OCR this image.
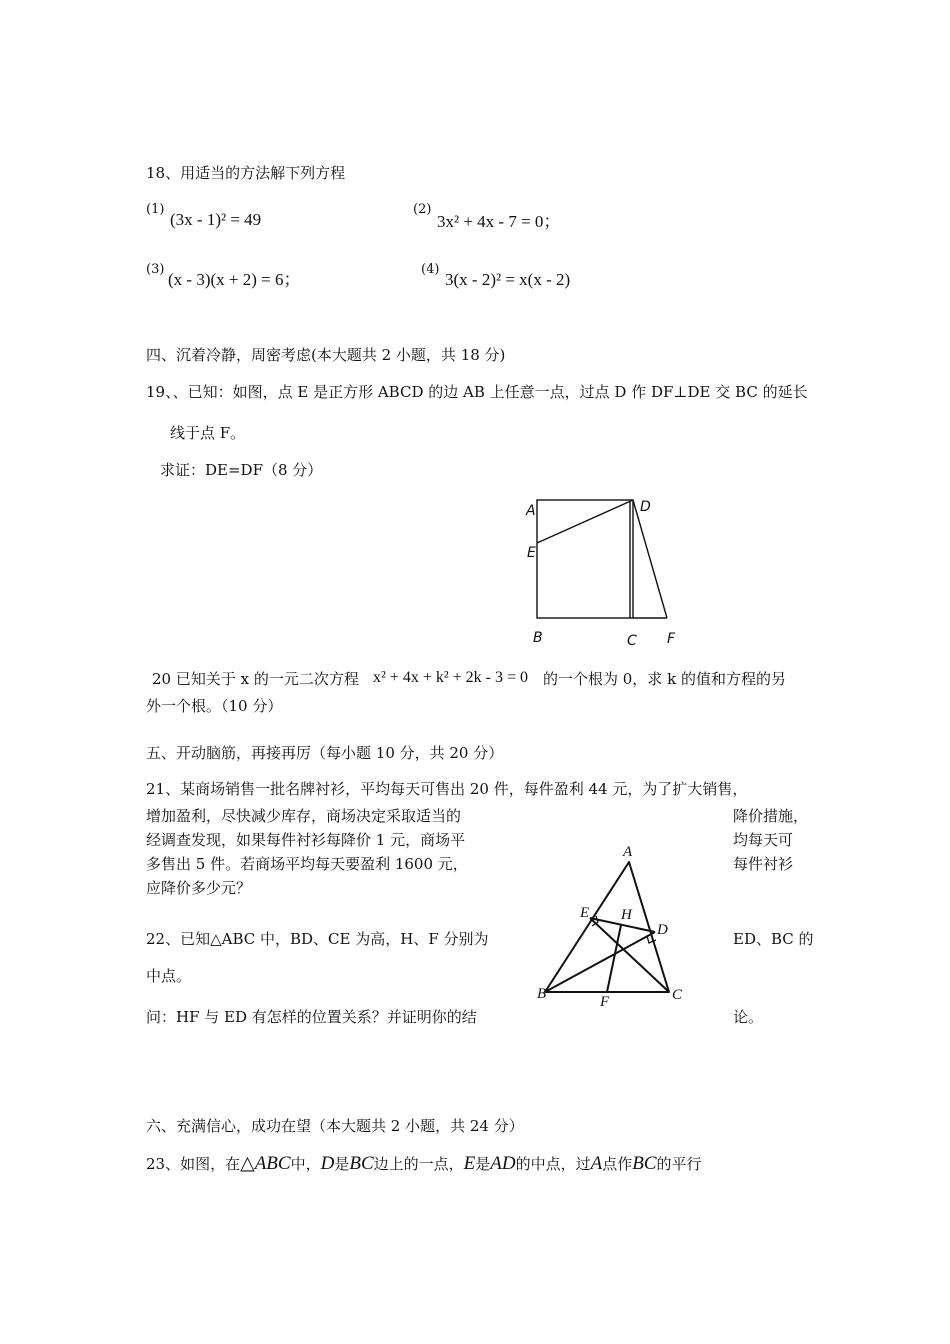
18、用适当的方法解下列方程
(1)
(3x - 1)² = 49
(2)
3x² + 4x - 7 = 0；
(3)
(x - 3)(x + 2) = 6；
(4)
3(x - 2)² = x(x - 2)
四、沉着冷静，周密考虑(本大题共 2 小题，共 18 分)
19、、已知：如图，点 E 是正方形 ABCD 的边 AB 上任意一点，过点 D 作 DF⊥DE 交 BC 的延长
线于点 F。
求证：DE=DF（8 分）
A	D
E
B	C F
20 已知关于 x 的一元二次方程 x² + 4x + k² + 2k - 3 = 0 的一个根为 0，求 k 的值和方程的另
外一个根。（10 分）
五、开动脑筋，再接再厉（每小题 10 分，共 20 分）
21、某商场销售一批名牌衬衫，平均每天可售出 20 件，每件盈利 44 元，为了扩大销售，
增加盈利，尽快减少库存，商场决定采取适当的	降价措施，
经调查发现，如果每件衬衫每降价 1 元，商场平	均每天可
多售出 5 件。若商场平均每天要盈利 1600 元，	每件衬衫
应降价多少元？
22、已知△ABC 中，BD、CE 为高，H、F 分别为	ED、BC 的
中点。
问：HF 与 ED 有怎样的位置关系？并证明你的结	论。
A
E H
D
B	F	C
六、充满信心，成功在望（本大题共 2 小题，共 24 分）
23、如图，在△ABC中，D是BC边上的一点，E是AD的中点，过A点作BC的平行
